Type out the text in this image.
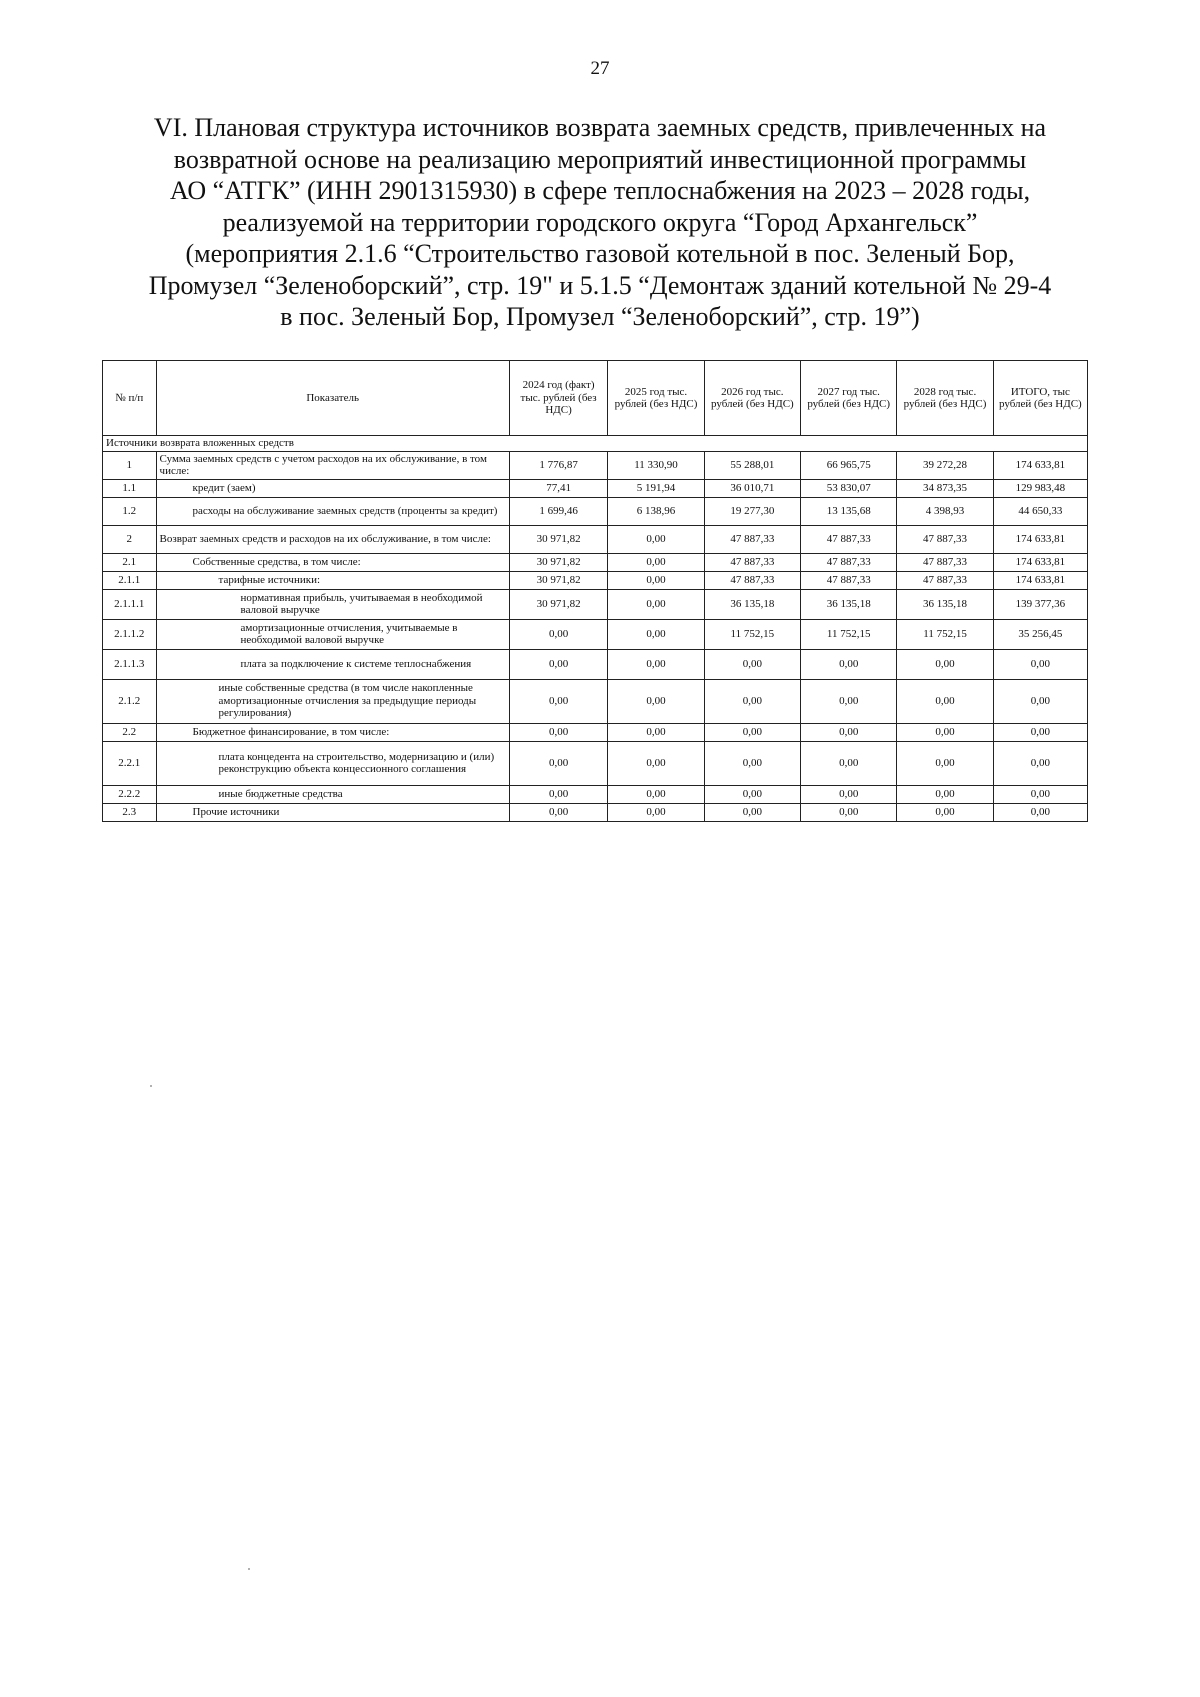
27
VI. Плановая структура источников возврата заемных средств, привлеченных на
возвратной основе на реализацию мероприятий инвестиционной программы
АО “АТГК” (ИНН 2901315930) в сфере теплоснабжения на 2023 – 2028 годы,
реализуемой на территории городского округа “Город Архангельск”
(мероприятия 2.1.6 “Строительство газовой котельной в пос. Зеленый Бор,
Промузел “Зеленоборский”, стр. 19" и 5.1.5 “Демонтаж зданий котельной № 29-4
в пос. Зеленый Бор, Промузел “Зеленоборский”, стр. 19”)
№ п/п	Показатель	2024 год (факт) тыс. рублей (без НДС)	2025 год тыс. рублей (без НДС)	2026 год тыс. рублей (без НДС)	2027 год тыс. рублей (без НДС)	2028 год тыс. рублей (без НДС)	ИТОГО, тыс рублей (без НДС)
Источники возврата вложенных средств							
1	Сумма заемных средств с учетом расходов на их обслуживание, в том числе:	1 776,87	11 330,90	55 288,01	66 965,75	39 272,28	174 633,81
1.1	кредит (заем)	77,41	5 191,94	36 010,71	53 830,07	34 873,35	129 983,48
1.2	расходы на обслуживание заемных средств (проценты за кредит)	1 699,46	6 138,96	19 277,30	13 135,68	4 398,93	44 650,33
2	Возврат заемных средств и расходов на их обслуживание, в том числе:	30 971,82	0,00	47 887,33	47 887,33	47 887,33	174 633,81
2.1	Собственные средства, в том числе:	30 971,82	0,00	47 887,33	47 887,33	47 887,33	174 633,81
2.1.1	тарифные источники:	30 971,82	0,00	47 887,33	47 887,33	47 887,33	174 633,81
2.1.1.1	нормативная прибыль, учитываемая в необходимой валовой выручке	30 971,82	0,00	36 135,18	36 135,18	36 135,18	139 377,36
2.1.1.2	амортизационные отчисления, учитываемые в необходимой валовой выручке	0,00	0,00	11 752,15	11 752,15	11 752,15	35 256,45
2.1.1.3	плата за подключение к системе теплоснабжения	0,00	0,00	0,00	0,00	0,00	0,00
2.1.2	иные собственные средства (в том числе накопленные амортизационные отчисления за предыдущие периоды регулирования)	0,00	0,00	0,00	0,00	0,00	0,00
2.2	Бюджетное финансирование, в том числе:	0,00	0,00	0,00	0,00	0,00	0,00
2.2.1	плата концедента на строительство, модернизацию и (или) реконструкцию объекта концессионного соглашения	0,00	0,00	0,00	0,00	0,00	0,00
2.2.2	иные бюджетные средства	0,00	0,00	0,00	0,00	0,00	0,00
2.3	Прочие источники	0,00	0,00	0,00	0,00	0,00	0,00
